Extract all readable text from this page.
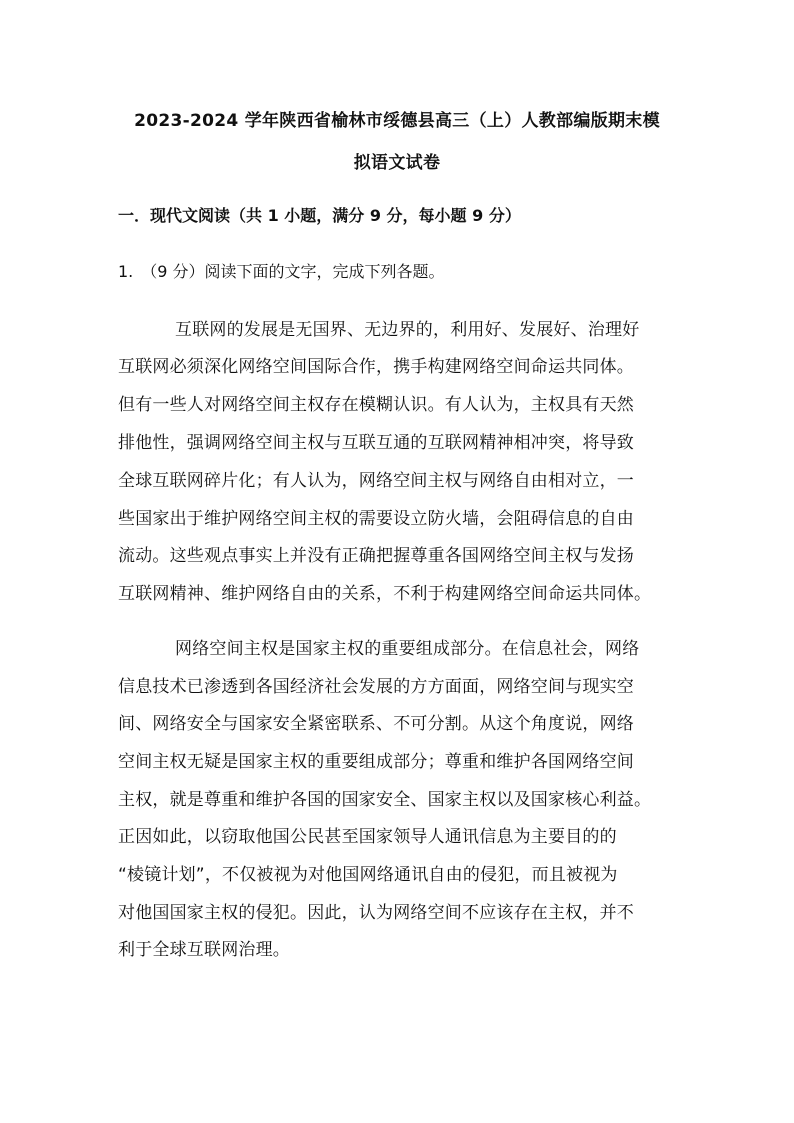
2023-2024 学年陕西省榆林市绥德县高三（上）人教部编版期末模
拟语文试卷
一．现代文阅读（共 1 小题，满分 9 分，每小题 9 分）
1.　（9 分）阅读下面的文字，完成下列各题。
互联网的发展是无国界、无边界的，利用好、发展好、治理好
互联网必须深化网络空间国际合作，携手构建网络空间命运共同体。
但有一些人对网络空间主权存在模糊认识。有人认为，主权具有天然
排他性，强调网络空间主权与互联互通的互联网精神相冲突，将导致
全球互联网碎片化；有人认为，网络空间主权与网络自由相对立，一
些国家出于维护网络空间主权的需要设立防火墙，会阻碍信息的自由
流动。这些观点事实上并没有正确把握尊重各国网络空间主权与发扬
互联网精神、维护网络自由的关系，不利于构建网络空间命运共同体。
网络空间主权是国家主权的重要组成部分。在信息社会，网络
信息技术已渗透到各国经济社会发展的方方面面，网络空间与现实空
间、网络安全与国家安全紧密联系、不可分割。从这个角度说，网络
空间主权无疑是国家主权的重要组成部分；尊重和维护各国网络空间
主权，就是尊重和维护各国的国家安全、国家主权以及国家核心利益。
正因如此，以窃取他国公民甚至国家领导人通讯信息为主要目的的
“棱镜计划”，不仅被视为对他国网络通讯自由的侵犯，而且被视为
对他国国家主权的侵犯。因此，认为网络空间不应该存在主权，并不
利于全球互联网治理。
